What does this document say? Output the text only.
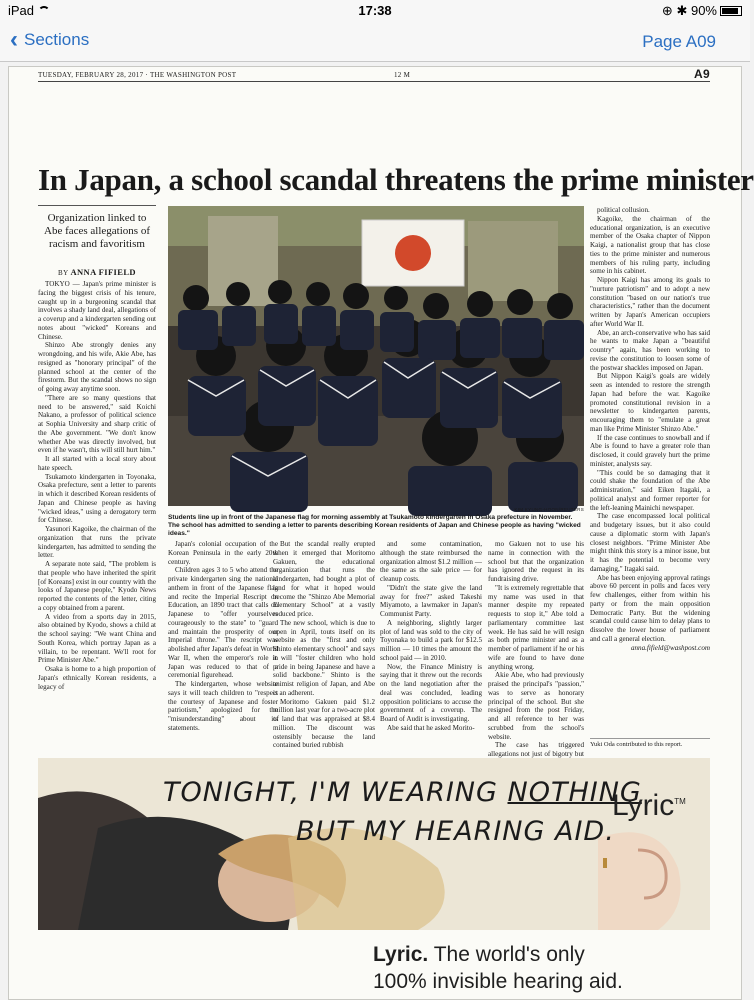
iPad	17:38	⊕ ✱ 90%
‹ Sections	Page A09
TUESDAY, FEBRUARY 28, 2017 · THE WASHINGTON POST	12 M	A9
In Japan, a school scandal threatens the prime minister
Organization linked to Abe faces allegations of racism and favoritism
BY ANNA FIFIELD

TOKYO — Japan's prime minister is facing the biggest crisis of his tenure, caught up in a burgeoning scandal that involves a shady land deal, allegations of a coverup and a kindergarten sending out notes about "wicked" Koreans and Chinese.

Shinzo Abe strongly denies any wrongdoing, and his wife, Akie Abe, has resigned as "honorary principal" of the planned school at the center of the firestorm. But the scandal shows no sign of going away anytime soon.

"There are so many questions that need to be answered," said Koichi Nakano, a professor of political science at Sophia University and sharp critic of the Abe government. "We don't know whether Abe was directly involved, but even if he wasn't, this will still hurt him."

It all started with a local story about hate speech.

Tsukamoto kindergarten in Toyonaka, Osaka prefecture, sent a letter to parents in which it described Korean residents of Japan and Chinese people as having "wicked ideas," using a derogatory term for Chinese.

Yasunori Kagoike, the chairman of the organization that runs the private kindergarten, has admitted to sending the letter.

A separate note said, "The problem is that people who have inherited the spirit [of Koreans] exist in our country with the looks of Japanese people," Kyodo News reported the contents of the letter, citing a copy obtained from a parent.

A video from a sports day in 2015, also obtained by Kyodo, shows a child at the school saying: "We want China and South Korea, which portray Japan as a villain, to be repentant. We'll root for Prime Minister Abe."

Osaka is home to a high proportion of Japan's ethnically Korean residents, a legacy of

KIM KYUNG-HOON/REUTERS
Students line up in front of the Japanese flag for morning assembly at Tsukamoto kindergarten in Osaka prefecture in November. The school has admitted to sending a letter to parents describing Korean residents of Japan and Chinese people as having "wicked ideas."

Japan's colonial occupation of the Korean Peninsula in the early 20th century.

Children ages 3 to 5 who attend the private kindergarten sing the national anthem in front of the Japanese flag and recite the Imperial Rescript on Education, an 1890 tract that calls on Japanese to "offer yourselves courageously to the state" to "guard and maintain the prosperity of our Imperial throne." The rescript was abolished after Japan's defeat in World War II, when the emperor's role in Japan was reduced to that of a ceremonial figurehead.

The kindergarten, whose website says it will teach children to "respect the courtesy of Japanese and foster patriotism," apologized for the "misunderstanding" about its statements.

But the scandal really erupted when it emerged that Moritomo Gakuen, the educational organization that runs the kindergarten, had bought a plot of land for what it hoped would become the "Shinzo Abe Memorial Elementary School" at a vastly reduced price.

The new school, which is due to open in April, touts itself on its website as the "first and only Shinto elementary school" and says it will "foster children who hold pride in being Japanese and have a solid backbone." Shinto is the animist religion of Japan, and Abe is an adherent.

Moritomo Gakuen paid $1.2 million last year for a two-acre plot of land that was appraised at $8.4 million. The discount was ostensibly because the land contained buried rubbish

and some contamination, although the state reimbursed the organization almost $1.2 million — the same as the sale price — for cleanup costs.

"Didn't the state give the land away for free?" asked Takeshi Miyamoto, a lawmaker in Japan's Communist Party.

A neighboring, slightly larger plot of land was sold to the city of Toyonaka to build a park for $12.5 million — 10 times the amount the school paid — in 2010.

Now, the Finance Ministry is saying that it threw out the records on the land negotiation after the deal was concluded, leading opposition politicians to accuse the government of a coverup. The Board of Audit is investigating.

Abe said that he asked Morito-

mo Gakuen not to use his name in connection with the school but that the organization has ignored the request in its fundraising drive.

"It is extremely regrettable that my name was used in that manner despite my repeated requests to stop it," Abe told a parliamentary committee last week. He has said he will resign as both prime minister and as a member of parliament if he or his wife are found to have done anything wrong.

Akie Abe, who had previously praised the principal's "passion," was to serve as honorary principal of the school. But she resigned from the post Friday, and all reference to her was scrubbed from the school's website.

The case has triggered allegations not just of bigotry but

political collusion.

Kagoike, the chairman of the educational organization, is an executive member of the Osaka chapter of Nippon Kaigi, a nationalist group that has close ties to the prime minister and numerous members of his ruling party, including some in his cabinet.

Nippon Kaigi has among its goals to "nurture patriotism" and to adopt a new constitution "based on our nation's true characteristics," rather than the document written by Japan's American occupiers after World War II.

Abe, an arch-conservative who has said he wants to make Japan a "beautiful country" again, has been working to revise the constitution to loosen some of the postwar shackles imposed on Japan.

But Nippon Kaigi's goals are widely seen as intended to restore the strength Japan had before the war. Kagoike promoted constitutional revision in a newsletter to kindergarten parents, encouraging them to "emulate a great man like Prime Minister Shinzo Abe."

If the case continues to snowball and if Abe is found to have a greater role than disclosed, it could gravely hurt the prime minister, analysts say.

"This could be so damaging that it could shake the foundation of the Abe administration," said Eiken Itagaki, a political analyst and former reporter for the left-leaning Mainichi newspaper.

The case encompassed local political and budgetary issues, but it also could cause a diplomatic storm with Japan's closest neighbors. "Prime Minister Abe might think this story is a minor issue, but it has the potential to become very damaging," Itagaki said.

Abe has been enjoying approval ratings above 60 percent in polls and faces very few challenges, either from within his party or from the main opposition Democratic Party. But the widening scandal could cause him to delay plans to dissolve the lower house of parliament and call a general election.

anna.fifield@washpost.com

Yuki Oda contributed to this report.
TONIGHT, I'M WEARING NOTHING
BUT MY HEARING AID.
Lyric™
Lyric. The world's only
100% invisible hearing aid.
